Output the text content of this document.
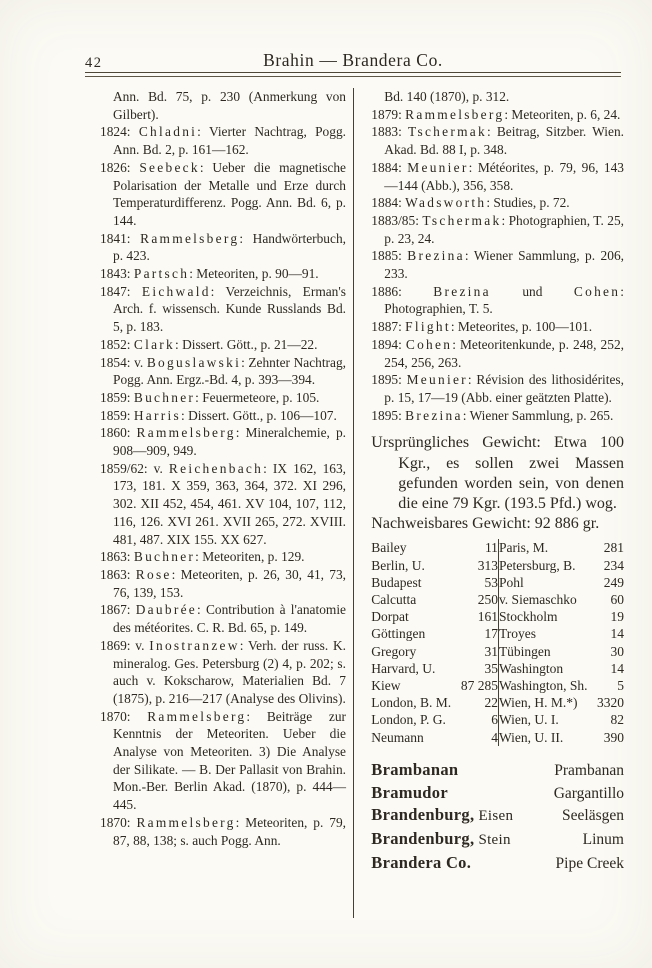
42	Brahin — Brandera Co.

Ann. Bd. 75, p. 230 (Anmerkung von Gilbert).

1824: Chladni: Vierter Nachtrag, Pogg. Ann. Bd. 2, p. 161—162.

1826: Seebeck: Ueber die magnetische Polarisation der Metalle und Erze durch Temperaturdifferenz. Pogg. Ann. Bd. 6, p. 144.

1841: Rammelsberg: Handwörterbuch, p. 423.

1843: Partsch: Meteoriten, p. 90—91.

1847: Eichwald: Verzeichnis, Erman's Arch. f. wissensch. Kunde Russlands Bd. 5, p. 183.

1852: Clark: Dissert. Gött., p. 21—22.

1854: v. Boguslawski: Zehnter Nachtrag, Pogg. Ann. Ergz.-Bd. 4, p. 393—394.

1859: Buchner: Feuermeteore, p. 105.

1859: Harris: Dissert. Gött., p. 106—107.

1860: Rammelsberg: Mineralchemie, p. 908—909, 949.

1859/62: v. Reichenbach: IX 162, 163, 173, 181. X 359, 363, 364, 372. XI 296, 302. XII 452, 454, 461. XV 104, 107, 112, 116, 126. XVI 261. XVII 265, 272. XVIII. 481, 487. XIX 155. XX 627.

1863: Buchner: Meteoriten, p. 129.

1863: Rose: Meteoriten, p. 26, 30, 41, 73, 76, 139, 153.

1867: Daubrée: Contribution à l'anatomie des météorites. C. R. Bd. 65, p. 149.

1869: v. Inostranzew: Verh. der russ. K. mineralog. Ges. Petersburg (2) 4, p. 202; s. auch v. Kokscharow, Materialien Bd. 7 (1875), p. 216—217 (Analyse des Olivins).

1870: Rammelsberg: Beiträge zur Kenntnis der Meteoriten. Ueber die Analyse von Meteoriten. 3) Die Analyse der Silikate. — B. Der Pallasit von Brahin. Mon.-Ber. Berlin Akad. (1870), p. 444—445.

1870: Rammelsberg: Meteoriten, p. 79, 87, 88, 138; s. auch Pogg. Ann.

Bd. 140 (1870), p. 312.

1879: Rammelsberg: Meteoriten, p. 6, 24.

1883: Tschermak: Beitrag, Sitzber. Wien. Akad. Bd. 88 I, p. 348.

1884: Meunier: Météorites, p. 79, 96, 143—144 (Abb.), 356, 358.

1884: Wadsworth: Studies, p. 72.

1883/85: Tschermak: Photographien, T. 25, p. 23, 24.

1885: Brezina: Wiener Sammlung, p. 206, 233.

1886: Brezina und Cohen: Photographien, T. 5.

1887: Flight: Meteorites, p. 100—101.

1894: Cohen: Meteoritenkunde, p. 248, 252, 254, 256, 263.

1895: Meunier: Révision des lithosidérites, p. 15, 17—19 (Abb. einer geätzten Platte).

1895: Brezina: Wiener Sammlung, p. 265.

Ursprüngliches Gewicht: Etwa 100 Kgr., es sollen zwei Massen gefunden worden sein, von denen die eine 79 Kgr. (193.5 Pfd.) wog.

Nachweisbares Gewicht: 92 886 gr.

Bailey	11	Paris, M.	281
Berlin, U.	313	Petersburg, B.	234
Budapest	53	Pohl	249
Calcutta	250	v. Siemaschko	60
Dorpat	161	Stockholm	19
Göttingen	17	Troyes	14
Gregory	31	Tübingen	30
Harvard, U.	35	Washington	14
Kiew	87 285	Washington, Sh.	5
London, B. M.	22	Wien, H. M.*)	3320
London, P. G.	6	Wien, U. I.	82
Neumann	4	Wien, U. II.	390
Brambanan	Prambanan
Bramudor	Gargantillo
Brandenburg, Eisen	Seeläsgen
Brandenburg, Stein	Linum
Brandera Co.	Pipe Creek
